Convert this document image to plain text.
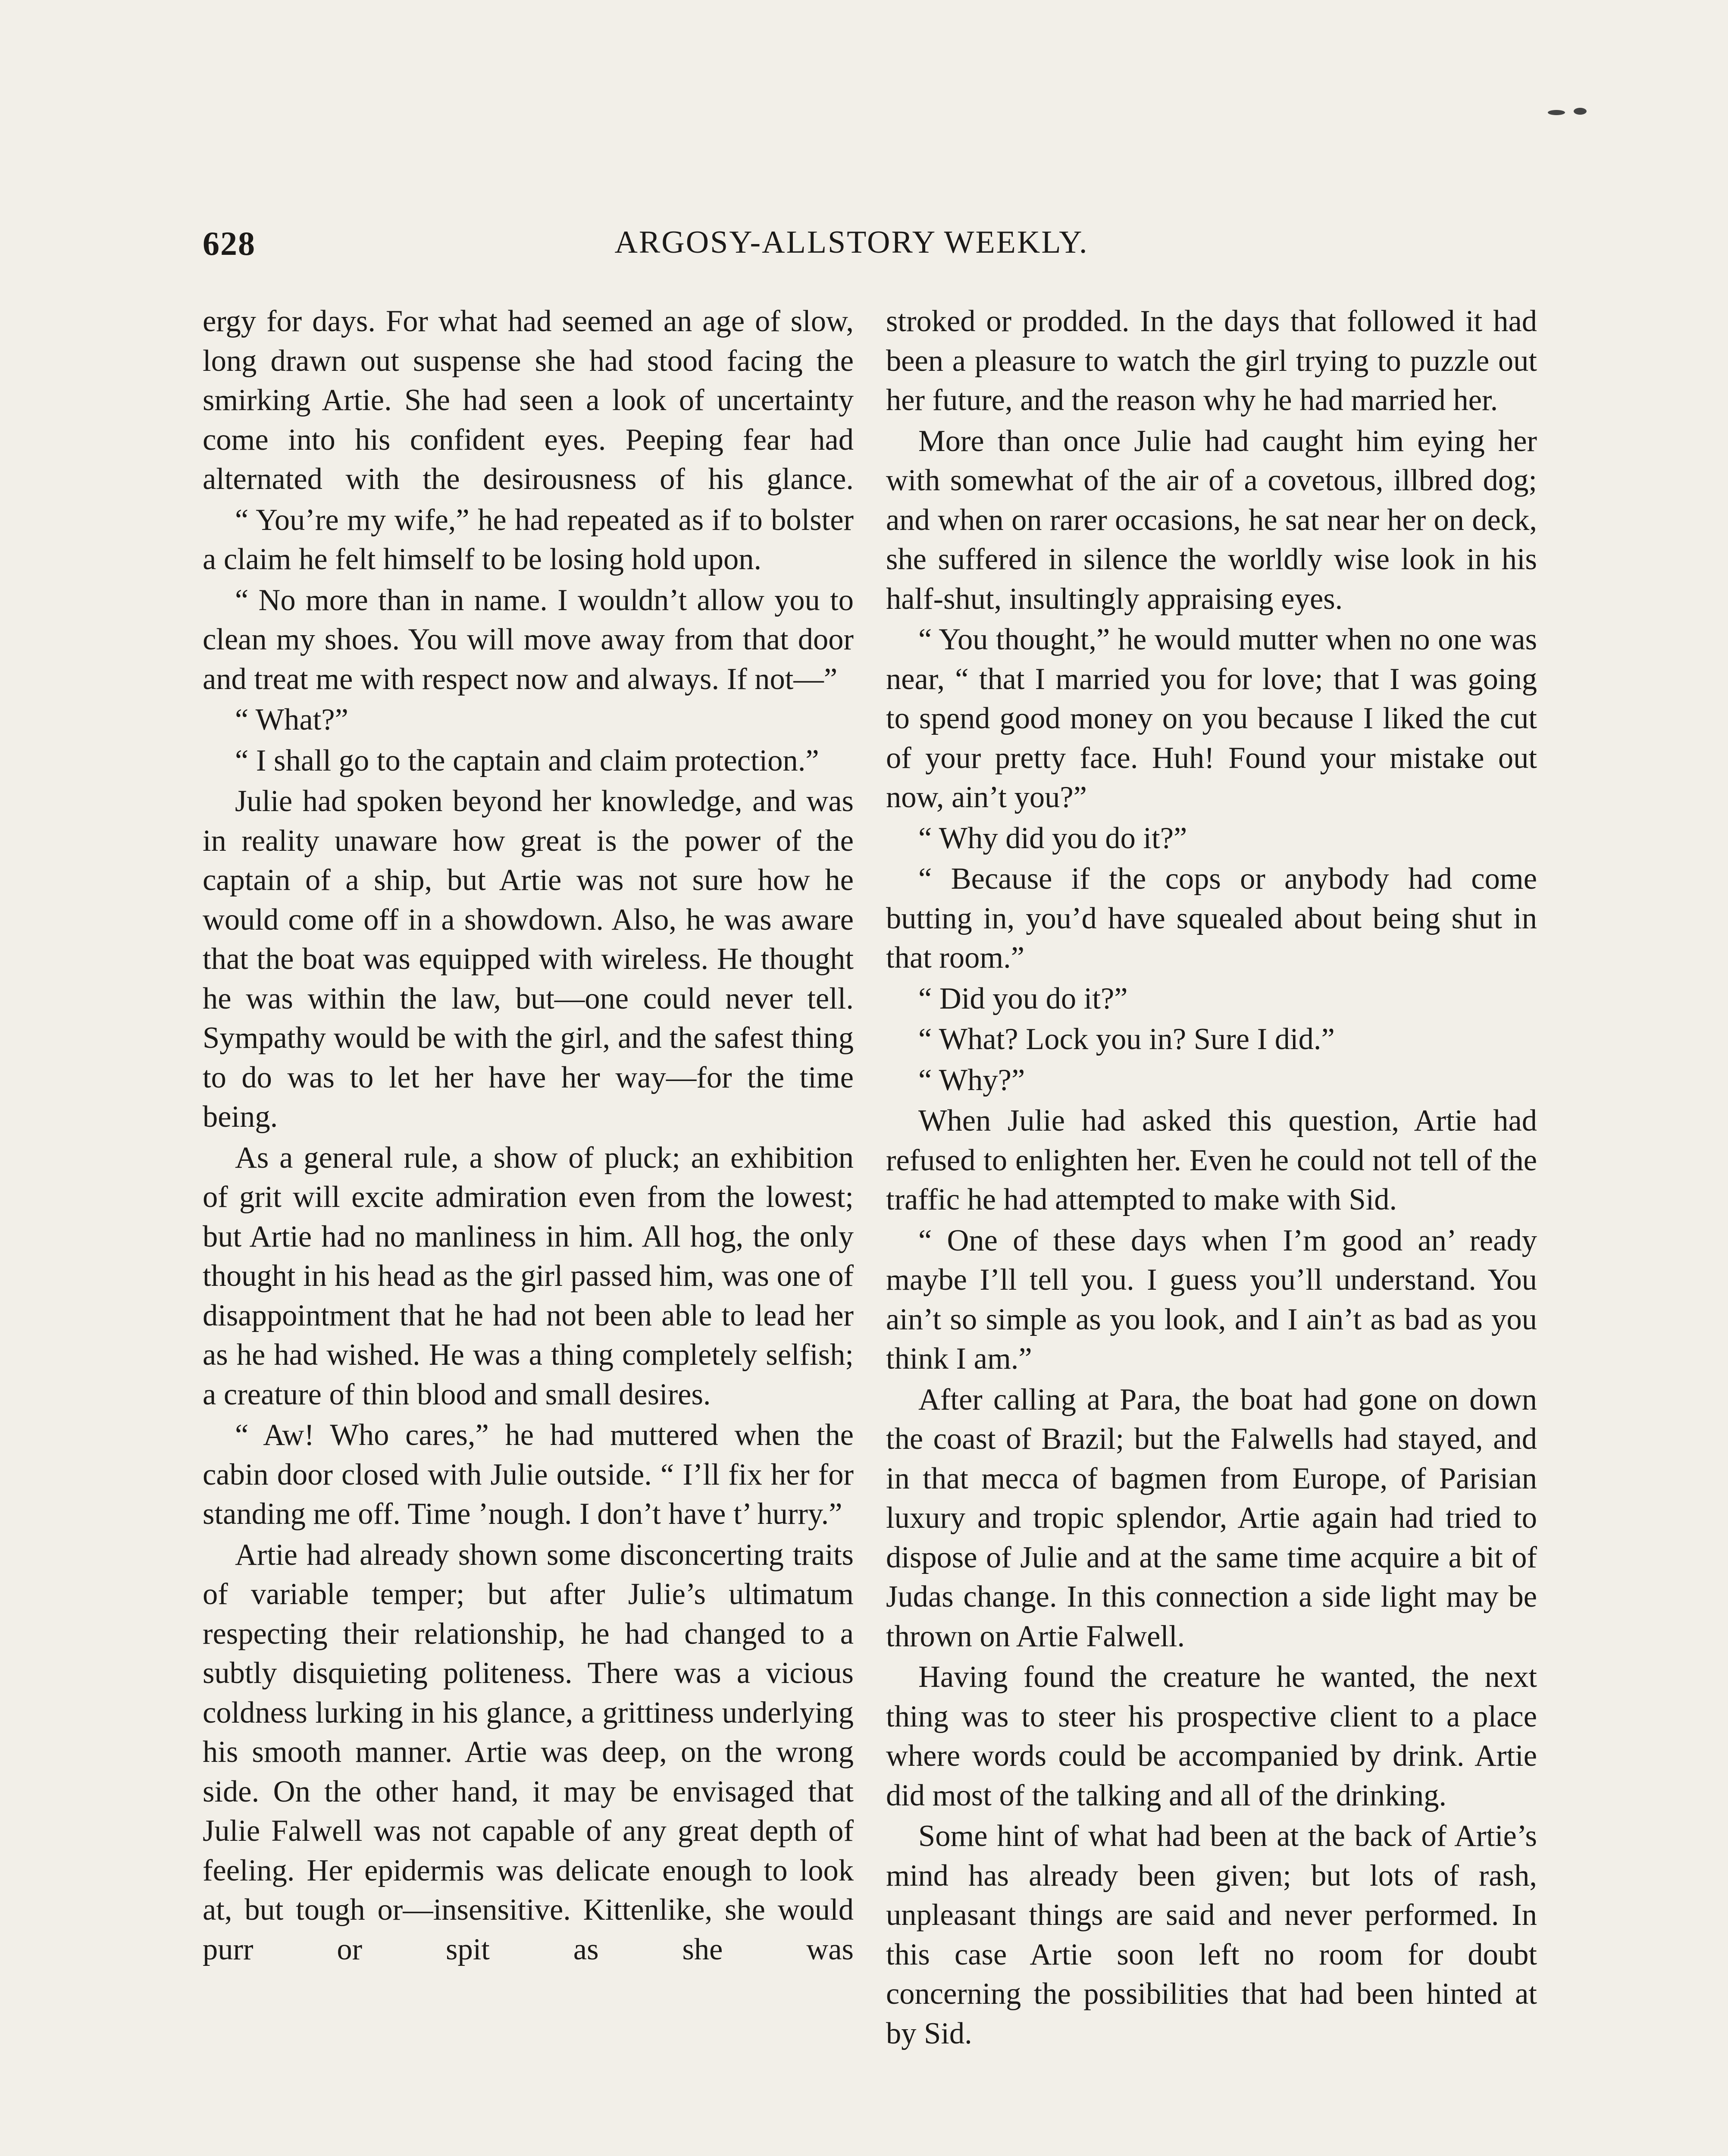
628	ARGOSY-ALLSTORY WEEKLY.

ergy for days. For what had seemed an age of slow, long drawn out suspense she had stood facing the smirking Artie. She had seen a look of uncertainty come into his confident eyes. Peeping fear had alternated with the desirousness of his glance.

“ You’re my wife,” he had repeated as if to bolster a claim he felt himself to be losing hold upon.

“ No more than in name. I wouldn’t allow you to clean my shoes. You will move away from that door and treat me with respect now and always. If not—”

“ What?”

“ I shall go to the captain and claim protection.”

Julie had spoken beyond her knowledge, and was in reality unaware how great is the power of the captain of a ship, but Artie was not sure how he would come off in a showdown. Also, he was aware that the boat was equipped with wireless. He thought he was within the law, but—one could never tell. Sympathy would be with the girl, and the safest thing to do was to let her have her way—for the time being.

As a general rule, a show of pluck; an exhibition of grit will excite admiration even from the lowest; but Artie had no manliness in him. All hog, the only thought in his head as the girl passed him, was one of disappointment that he had not been able to lead her as he had wished. He was a thing completely selfish; a creature of thin blood and small desires.

“ Aw! Who cares,” he had muttered when the cabin door closed with Julie outside. “ I’ll fix her for standing me off. Time ’nough. I don’t have t’ hurry.”

Artie had already shown some disconcerting traits of variable temper; but after Julie’s ultimatum respecting their relationship, he had changed to a subtly disquieting politeness. There was a vicious coldness lurking in his glance, a grittiness underlying his smooth manner. Artie was deep, on the wrong side. On the other hand, it may be envisaged that Julie Falwell was not capable of any great depth of feeling. Her epidermis was delicate enough to look at, but tough or—insensitive. Kittenlike, she would purr or spit as she was

stroked or prodded. In the days that followed it had been a pleasure to watch the girl trying to puzzle out her future, and the reason why he had married her.

More than once Julie had caught him eying her with somewhat of the air of a covetous, illbred dog; and when on rarer occasions, he sat near her on deck, she suffered in silence the worldly wise look in his half-shut, insultingly appraising eyes.

“ You thought,” he would mutter when no one was near, “ that I married you for love; that I was going to spend good money on you because I liked the cut of your pretty face. Huh! Found your mistake out now, ain’t you?”

“ Why did you do it?”

“ Because if the cops or anybody had come butting in, you’d have squealed about being shut in that room.”

“ Did you do it?”

“ What? Lock you in? Sure I did.”

“ Why?”

When Julie had asked this question, Artie had refused to enlighten her. Even he could not tell of the traffic he had attempted to make with Sid.

“ One of these days when I’m good an’ ready maybe I’ll tell you. I guess you’ll understand. You ain’t so simple as you look, and I ain’t as bad as you think I am.”

After calling at Para, the boat had gone on down the coast of Brazil; but the Falwells had stayed, and in that mecca of bagmen from Europe, of Parisian luxury and tropic splendor, Artie again had tried to dispose of Julie and at the same time acquire a bit of Judas change. In this connection a side light may be thrown on Artie Falwell.

Having found the creature he wanted, the next thing was to steer his prospective client to a place where words could be accompanied by drink. Artie did most of the talking and all of the drinking.

Some hint of what had been at the back of Artie’s mind has already been given; but lots of rash, unpleasant things are said and never performed. In this case Artie soon left no room for doubt concerning the possibilities that had been hinted at by Sid.
